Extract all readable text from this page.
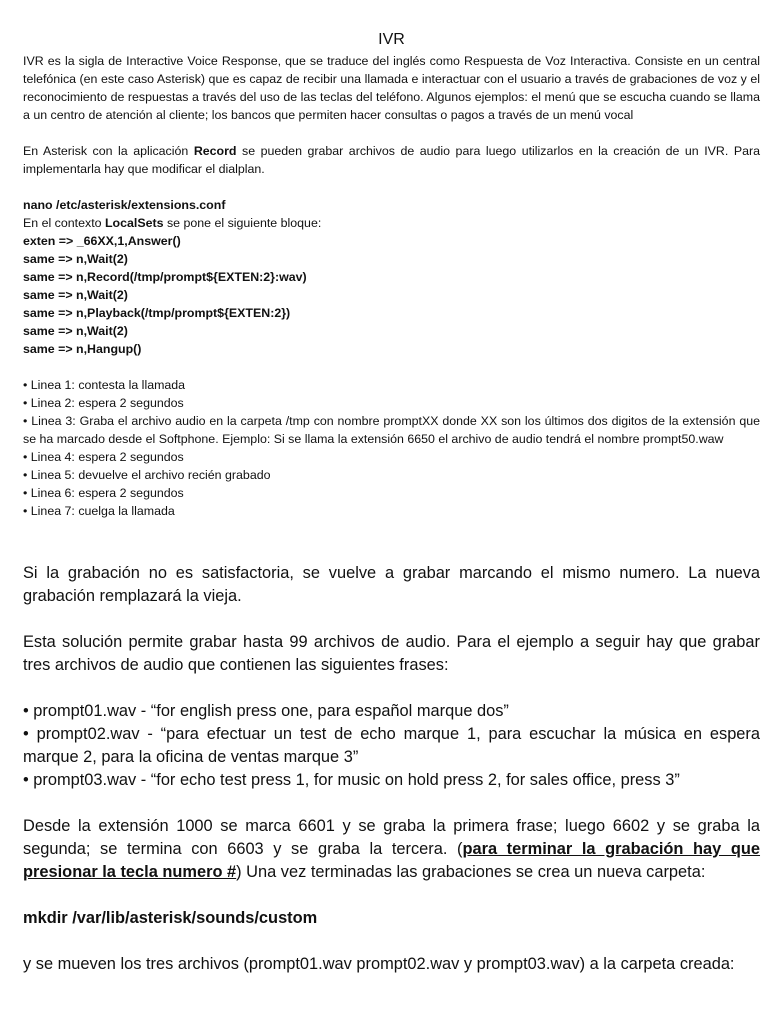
IVR

IVR es la sigla de Interactive Voice Response, que se traduce del inglés como Respuesta de Voz Interactiva. Consiste en un central telefónica (en este caso Asterisk) que es capaz de recibir una llamada e interactuar con el usuario a través de grabaciones de voz y el reconocimiento de respuestas a través del uso de las teclas del teléfono. Algunos ejemplos: el menú que se escucha cuando se llama a un centro de atención al cliente; los bancos que permiten hacer consultas o pagos a través de un menú vocal

En Asterisk con la aplicación Record se pueden grabar archivos de audio para luego utilizarlos en la creación de un IVR. Para implementarla hay que modificar el dialplan.

nano /etc/asterisk/extensions.conf
En el contexto LocalSets se pone el siguiente bloque:
exten => _66XX,1,Answer()
same => n,Wait(2)
same => n,Record(/tmp/prompt${EXTEN:2}:wav)
same => n,Wait(2)
same => n,Playback(/tmp/prompt${EXTEN:2})
same => n,Wait(2)
same => n,Hangup()
• Linea 1: contesta la llamada
• Linea 2: espera 2 segundos
• Linea 3: Graba el archivo audio en la carpeta /tmp con nombre promptXX donde XX son los últimos dos digitos de la extensión que se ha marcado desde el Softphone. Ejemplo: Si se llama la extensión 6650 el archivo de audio tendrá el nombre prompt50.waw
• Linea 4: espera 2 segundos
• Linea 5: devuelve el archivo recién grabado
• Linea 6: espera 2 segundos
• Linea 7: cuelga la llamada

Si la grabación no es satisfactoria, se vuelve a grabar marcando el mismo numero. La nueva grabación remplazará la vieja.

Esta solución permite grabar hasta 99 archivos de audio. Para el ejemplo a seguir hay que grabar tres archivos de audio que contienen las siguientes frases:

• prompt01.wav - “for english press one, para español marque dos”
• prompt02.wav - “para efectuar un test de echo marque 1, para escuchar la música en espera marque 2, para la oficina de ventas marque 3”
• prompt03.wav - “for echo test press 1, for music on hold press 2, for sales office, press 3”

Desde la extensión 1000 se marca 6601 y se graba la primera frase; luego 6602 y se graba la segunda; se termina con 6603 y se graba la tercera. (para terminar la grabación hay que presionar la tecla numero #) Una vez terminadas las grabaciones se crea un nueva carpeta:

mkdir /var/lib/asterisk/sounds/custom

y se mueven los tres archivos (prompt01.wav prompt02.wav y prompt03.wav) a la carpeta creada:
